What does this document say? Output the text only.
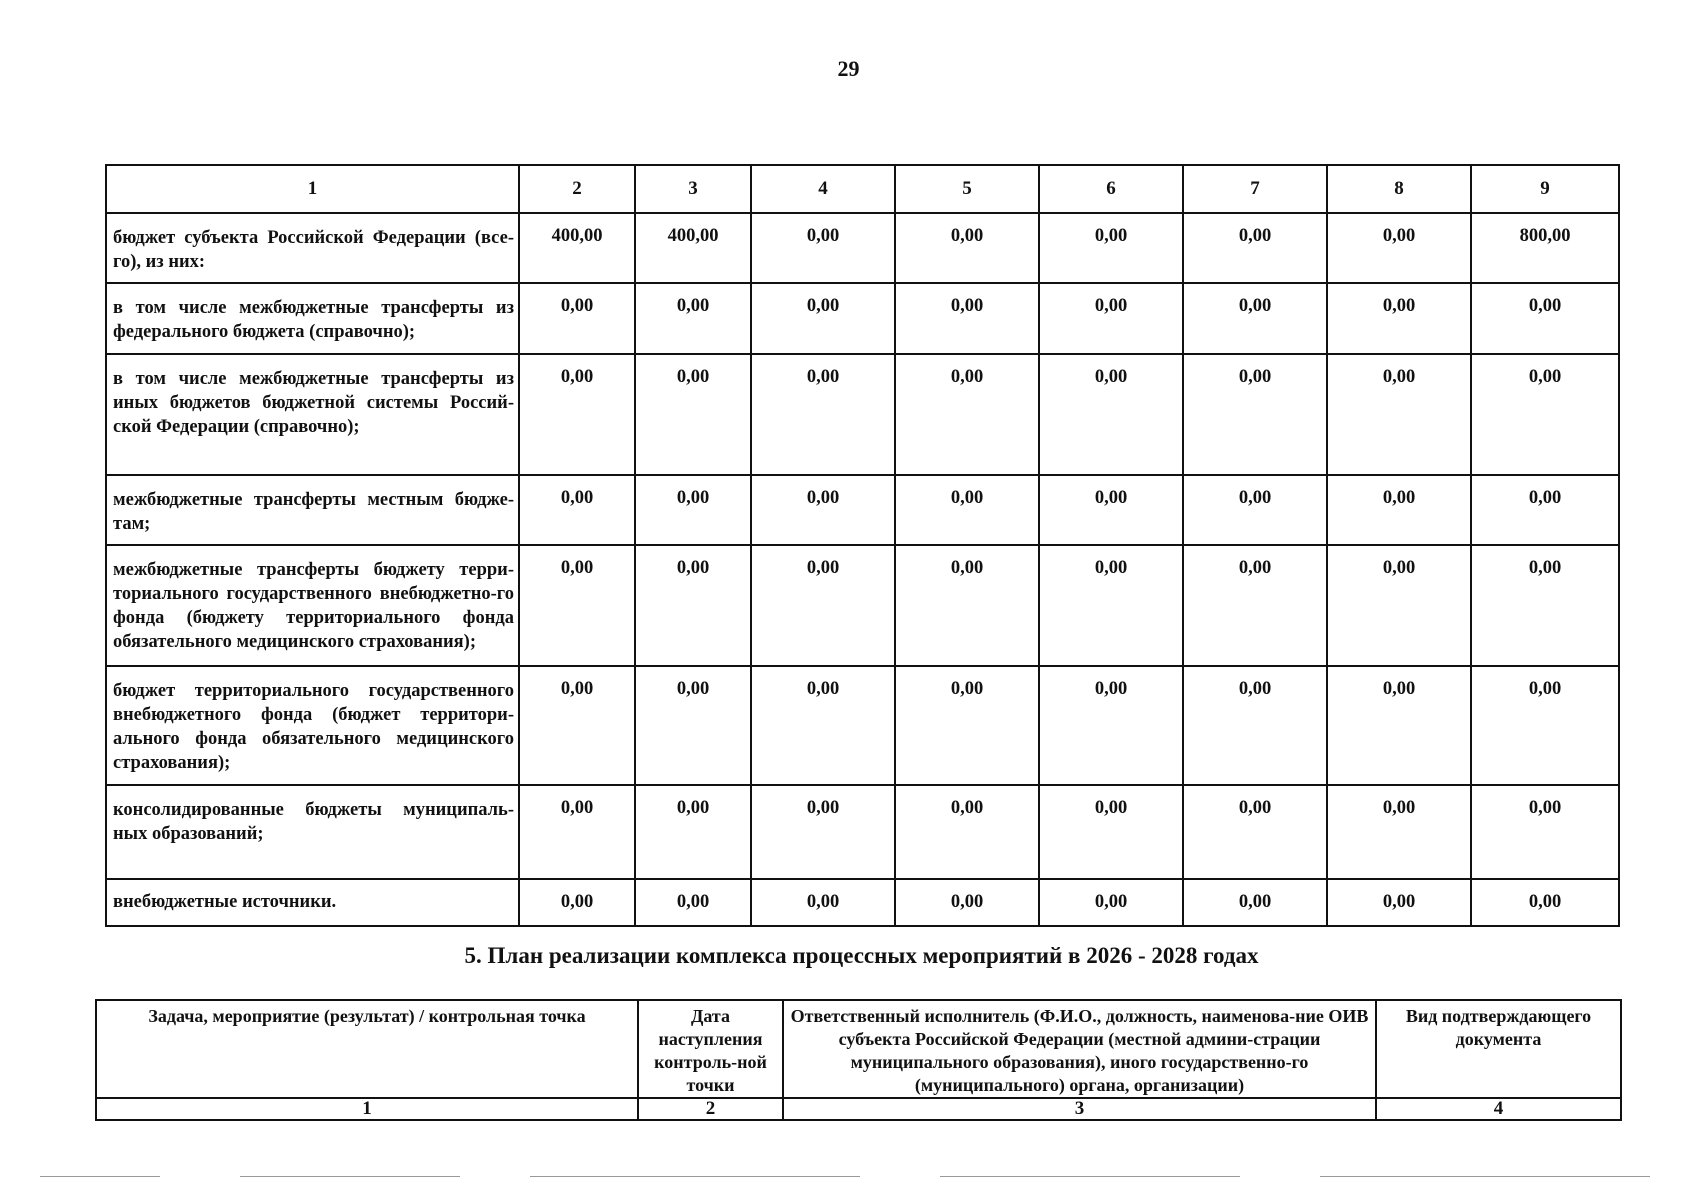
29
1	2	3	4	5	6	7	8	9
бюджет субъекта Российской Федерации (все-го), из них:	400,00	400,00	0,00	0,00	0,00	0,00	0,00	800,00
в том числе межбюджетные трансферты из федерального бюджета (справочно);	0,00	0,00	0,00	0,00	0,00	0,00	0,00	0,00
в том числе межбюджетные трансферты из иных бюджетов бюджетной системы Россий-ской Федерации (справочно);	0,00	0,00	0,00	0,00	0,00	0,00	0,00	0,00
межбюджетные трансферты местным бюдже-там;	0,00	0,00	0,00	0,00	0,00	0,00	0,00	0,00
межбюджетные трансферты бюджету терри-ториального государственного внебюджетно-го фонда (бюджету территориального фонда обязательного медицинского страхования);	0,00	0,00	0,00	0,00	0,00	0,00	0,00	0,00
бюджет территориального государственного внебюджетного фонда (бюджет территори-ального фонда обязательного медицинского страхования);	0,00	0,00	0,00	0,00	0,00	0,00	0,00	0,00
консолидированные бюджеты муниципаль-ных образований;	0,00	0,00	0,00	0,00	0,00	0,00	0,00	0,00
внебюджетные источники.	0,00	0,00	0,00	0,00	0,00	0,00	0,00	0,00
5. План реализации комплекса процессных мероприятий в 2026 - 2028 годах
Задача, мероприятие (результат) / контрольная точка	Дата наступления контроль-ной точки	Ответственный исполнитель (Ф.И.О., должность, наименова-ние ОИВ субъекта Российской Федерации (местной админи-страции муниципального образования), иного государственно-го (муниципального) органа, организации)	Вид подтверждающего документа
1	2	3	4
